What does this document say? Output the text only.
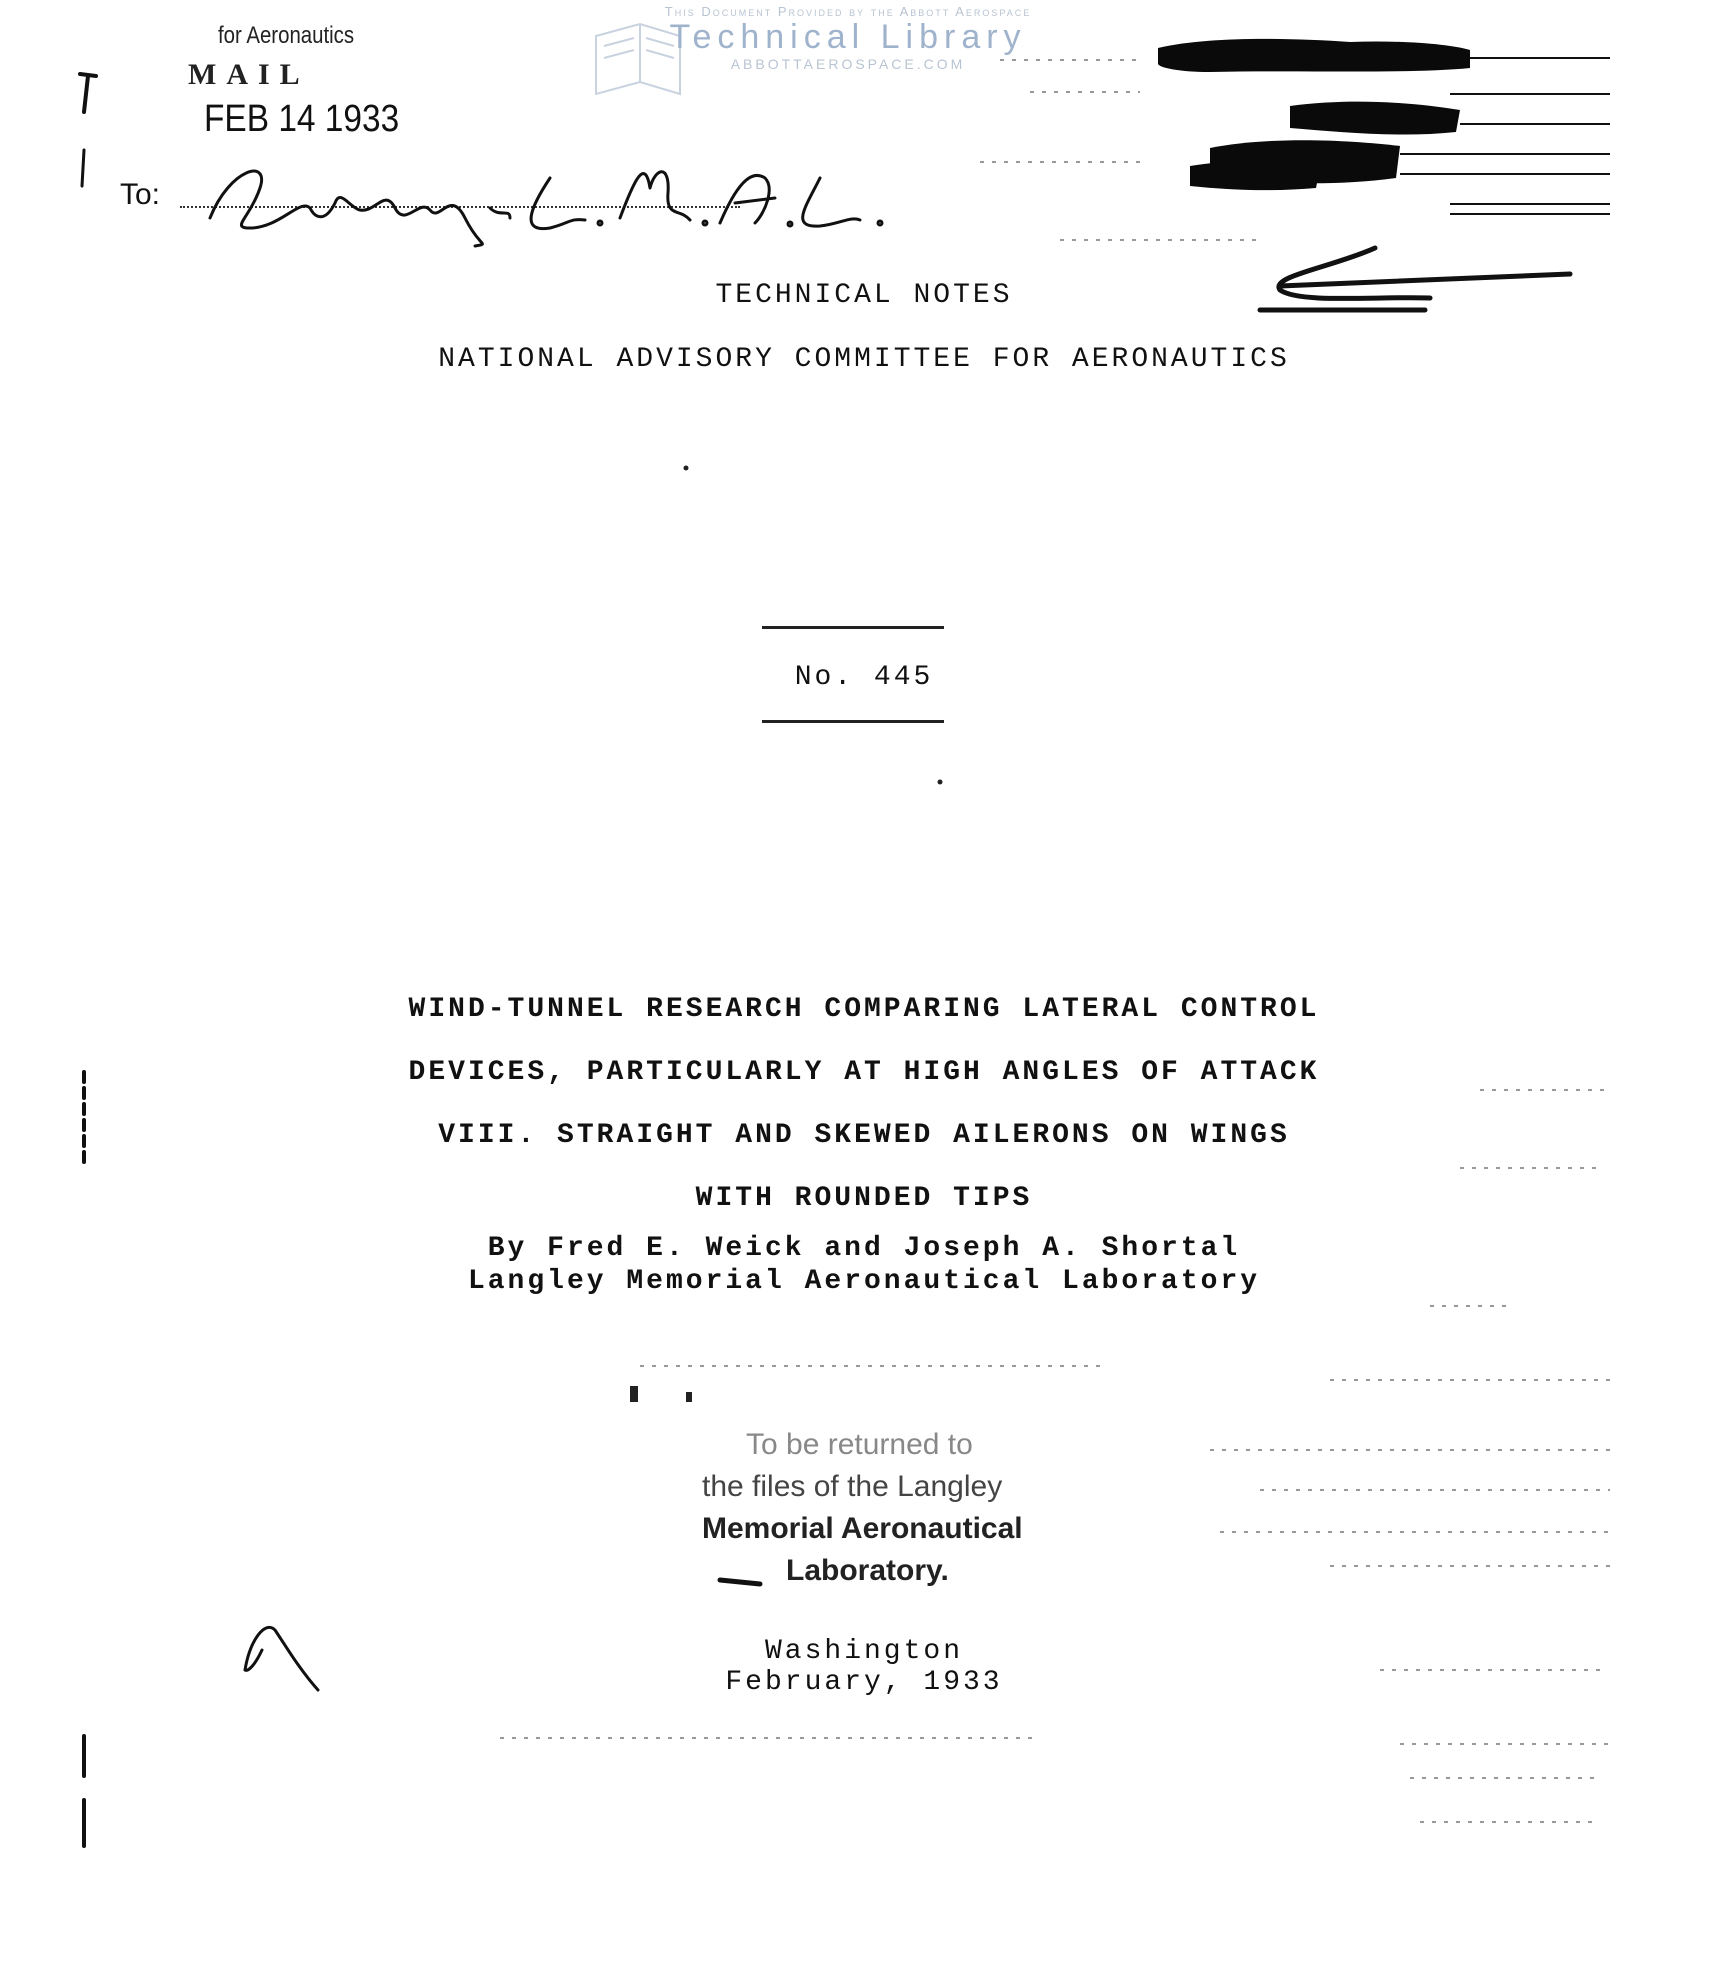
This Document Provided by the Abbott Aerospace
Technical Library
ABBOTTAEROSPACE.COM
for Aeronautics
MAIL
FEB 14 1933
To:
TECHNICAL NOTES
NATIONAL ADVISORY COMMITTEE FOR AERONAUTICS
No. 445
WIND-TUNNEL RESEARCH COMPARING LATERAL CONTROL
DEVICES, PARTICULARLY AT HIGH ANGLES OF ATTACK
VIII. STRAIGHT AND SKEWED AILERONS ON WINGS
WITH ROUNDED TIPS
By Fred E. Weick and Joseph A. Shortal
Langley Memorial Aeronautical Laboratory
To be returned to
the files of the Langley
Memorial Aeronautical
Laboratory.
Washington
February, 1933
